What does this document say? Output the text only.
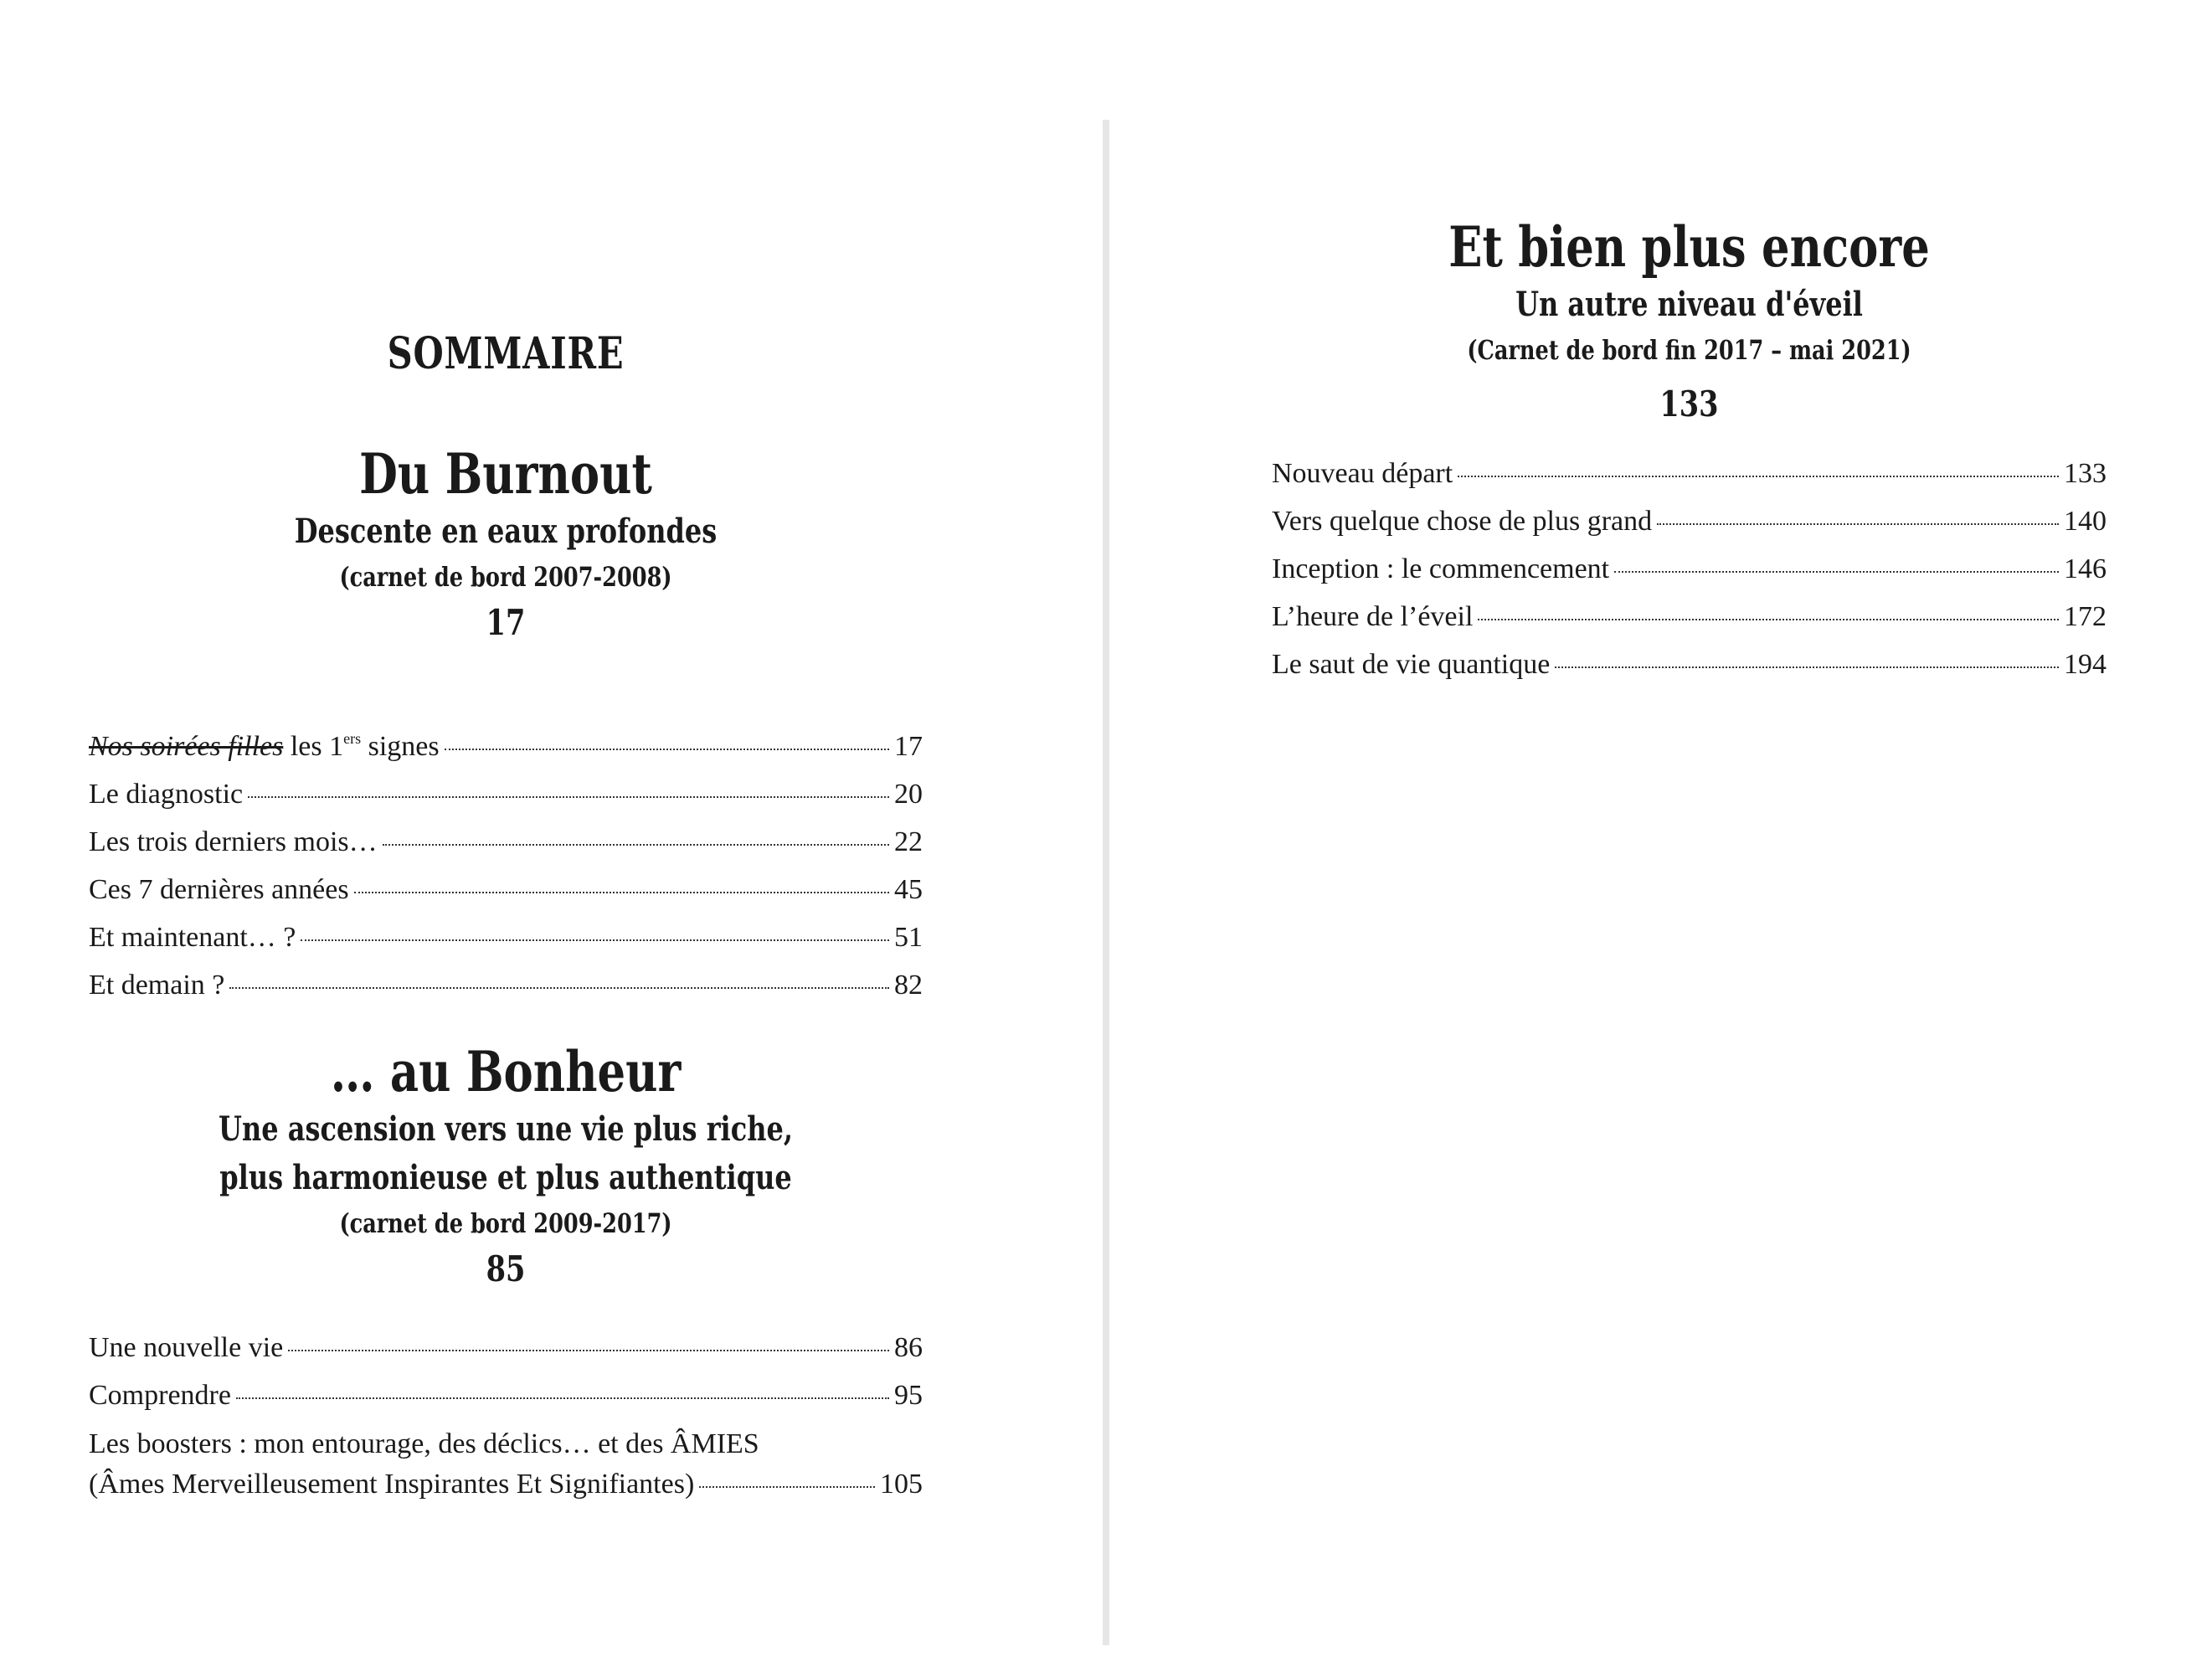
SOMMAIRE
Du Burnout
Descente en eaux profondes
(carnet de bord 2007-2008)
17
Nos soirées filles les 1ers signes	17
Le diagnostic	20
Les trois derniers mois…	22
Ces 7 dernières années	45
Et maintenant… ?	51
Et demain ?	82
… au Bonheur
Une ascension vers une vie plus riche,
plus harmonieuse et plus authentique
(carnet de bord 2009-2017)
85
Une nouvelle vie	86
Comprendre	95
Les boosters : mon entourage, des déclics… et des ÂMIES
(Âmes Merveilleusement Inspirantes Et Signifiantes)	105
Et bien plus encore
Un autre niveau d'éveil
(Carnet de bord fin 2017 – mai 2021)
133
Nouveau départ	133
Vers quelque chose de plus grand	140
Inception : le commencement	146
L’heure de l’éveil	172
Le saut de vie quantique	194
